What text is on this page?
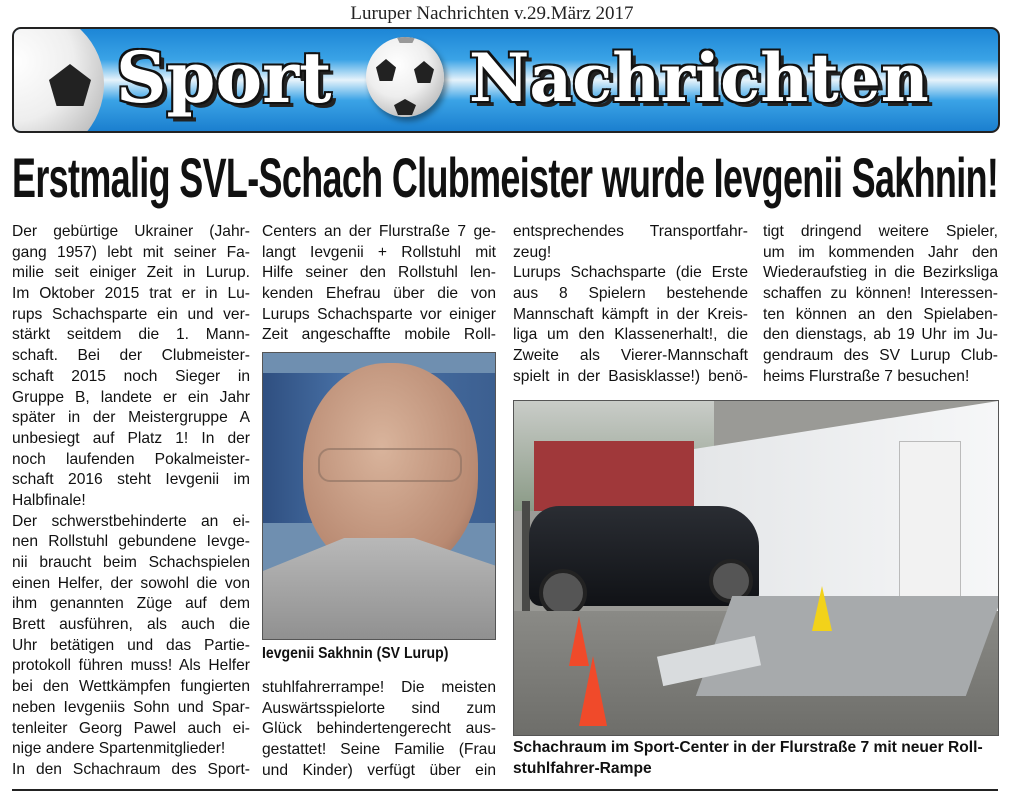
Luruper Nachrichten v.29.März 2017
Sport Nachrichten
Erstmalig SVL-Schach Clubmeister wurde Ievgenii Sakhnin!
Der gebürtige Ukrainer (Jahr-
gang 1957) lebt mit seiner Fa-
milie seit einiger Zeit in Lurup.
Im Oktober 2015 trat er in Lu-
rups Schachsparte ein und ver-
stärkt seitdem die 1. Mann-
schaft. Bei der Clubmeister-
schaft 2015 noch Sieger in
Gruppe B, landete er ein Jahr
später in der Meistergruppe A
unbesiegt auf Platz 1! In der
noch laufenden Pokalmeister-
schaft 2016 steht Ievgenii im
Halbfinale!
Der schwerstbehinderte an ei-
nen Rollstuhl gebundene Ievge-
nii braucht beim Schachspielen
einen Helfer, der sowohl die von
ihm genannten Züge auf dem
Brett ausführen, als auch die
Uhr betätigen und das Partie-
protokoll führen muss! Als Helfer
bei den Wettkämpfen fungierten
neben Ievgeniis Sohn und Spar-
tenleiter Georg Pawel auch ei-
nige andere Spartenmitglieder!
In den Schachraum des Sport-
Centers an der Flurstraße 7 ge-
langt Ievgenii + Rollstuhl mit
Hilfe seiner den Rollstuhl len-
kenden Ehefrau über die von
Lurups Schachsparte vor einiger
Zeit angeschaffte mobile Roll-
stuhlfahrerrampe! Die meisten
Auswärtsspielorte sind zum
Glück behindertengerecht aus-
gestattet! Seine Familie (Frau
und Kinder) verfügt über ein
entsprechendes Transportfahr-
zeug!
Lurups Schachsparte (die Erste
aus 8 Spielern bestehende
Mannschaft kämpft in der Kreis-
liga um den Klassenerhalt!, die
Zweite als Vierer-Mannschaft
spielt in der Basisklasse!) benö-
tigt dringend weitere Spieler,
um im kommenden Jahr den
Wiederaufstieg in die Bezirksliga
schaffen zu können! Interessen-
ten können an den Spielaben-
den dienstags, ab 19 Uhr im Ju-
gendraum des SV Lurup Club-
heims Flurstraße 7 besuchen!
Ievgenii Sakhnin (SV Lurup)
Schachraum im Sport-Center in der Flurstraße 7 mit neuer Roll-
stuhlfahrer-Rampe
